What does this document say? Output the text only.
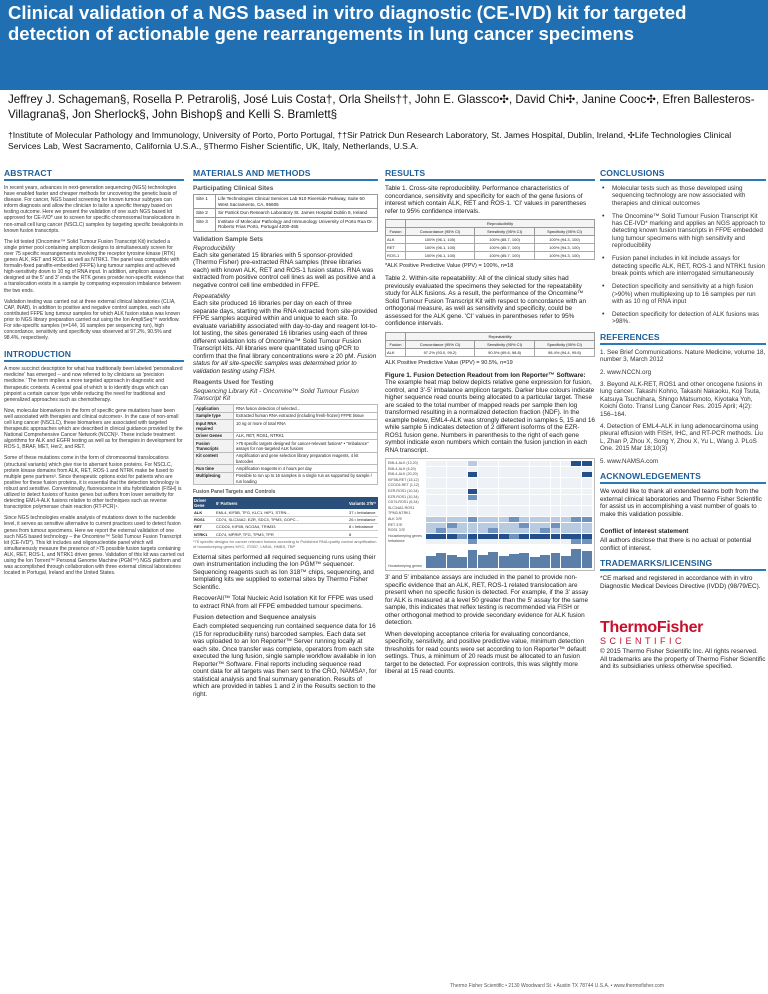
Clinical validation of a NGS based in vitro diagnostic (CE-IVD) kit for targeted detection of actionable gene rearrangements in lung cancer specimens
Jeffrey J. Schageman§, Rosella P. Petraroli§, José Luis Costa†, Orla Sheils††, John E. Glassco✣, David Chi✣, Janine Cooc✣, Efren Ballesteros-Villagrana§, Jon Sherlock§, John Bishop§ and Kelli S. Bramlett§
†Institute of Molecular Pathology and Immunology, University of Porto, Porto Portugal, ††Sir Patrick Dun Research Laboratory, St. James Hospital, Dublin, Ireland, ✣Life Technologies Clinical Services Lab, West Sacramento, California U.S.A., §Thermo Fisher Scientific, UK, Italy, Netherlands, U.S.A.
ABSTRACT

In recent years, advances in next-generation sequencing (NGS) technologies have enabled faster and cheaper methods for uncovering the genetic basis of disease. For cancer, NGS based screening for known tumour subtypes can inform diagnosis and allow the clinician to tailor a specific therapy based on testing outcome. Here we present the validation of one such NGS based kit approved for CE-IVD* use to screen for specific chromosomal translocations in non-small cell lung cancer (NSCLC) samples by targeting specific breakpoints in known fusion transcripts.

The kit tested (Oncomine™ Solid Tumour Fusion Transcript Kit) included a single primer pool containing amplicon designs to simultaneously screen for over 75 specific rearrangements involving the receptor tyrosine kinase (RTK) genes ALK, RET and ROS1 as well as NTRK1. The panel was compatible with formalin-fixed paraffin-embedded (FFPE) lung tumour samples and achieved high-sensitivity down to 10 ng of RNA input. In addition, amplicon assays designed at the 5' and 3' ends the RTK genes provide non-specific evidence that a translocation exists in a sample by comparing expression imbalance between the two ends.

Validation testing was carried out at three external clinical laboratories (CLIA, CAP, INAB). In addition to positive and negative control samples, each site contributed FFPE lung tumour samples for which ALK fusion status was known prior to NGS library preparation carried out using the Ion AmpliSeq™ workflow. For site-specific samples (n=144, 16 samples per sequencing run), high concordance, sensitivity and specificity was observed at 97.2%, 90.5% and 98.4%, respectively.

INTRODUCTION

A more succinct description for what has traditionally been labeled 'personalized medicine' has emerged -- and now referred to by clinicians as 'precision medicine.' The term implies a more targeted approach in diagnostic and therapeutic contexts. A central goal of which is to identify drugs which can pinpoint a certain cancer type while reducing the need for traditional and generalized approaches such as chemotherapy.

Now, molecular biomarkers in the form of specific gene mutations have been well associated with therapies and clinical outcomes¹. In the case of non-small cell lung cancer (NSCLC), these biomarkers are associated with targeted therapeutic approaches which are described in clinical guidance provided by the National Comprehensive Cancer Network (NCCN)². These include treatment algorithms for ALK and EGFR testing as well as for therapies in development for ROS-1, BRAF, MET, Her2, and RET.

Some of these mutations come in the form of chromosomal translocations (structural variants) which give rise to aberrant fusion proteins. For NSCLC, protein kinase domains from ALK, RET, ROS-1 and NTRK make be fused to multiple gene partners³. Since therapeutic options exist for patients who are positive for these fusion proteins, it is essential that the detection technology is robust and sensitive. Conventionally, fluorescence in situ hybridization (FISH) is utilized to detect fusions of fusion genes but suffers from lower sensitivity for detecting EML4-ALK fusions relative to other techniques such as reverse transcription polymerase chain reaction (RT-PCR)⁴.

Since NGS technologies enable analysis of mutations down to the nucleotide level, it serves as sensitive alternative to current practices used to detect fusion genes from tumour specimens. Here we report the external validation of one such NGS based technology – the Oncomine™ Solid Tumour Fusion Transcript kit (CE-IVD*). This kit includes and oligonucleotide panel which will simultaneously measure the presence of >75 possible fusion targets containing ALK, RET, ROS-1, and NTRK1 driver genes. Validation of this kit was carried out using the Ion Torrent™ Personal Genome Machine (PGM™) NGS platform and was accomplished through collaboration with three external clinical laboratories located in Portugal, Ireland and the United States.

MATERIALS AND METHODS
Participating Clinical Sites
Site 1	Life Technologies Clinical Services Lab 910 Riverside Parkway, Suite 60 West Sacramento, CA, 95605
Site 2	Sir Patrick Dun Research Laboratory St. James Hospital Dublin 8, Ireland
Site 3	Institute of Molecular Pathology and Immunology University of Porto Rua Dr. Roberto Frias Porto, Portugal 4200-465
Validation Sample Sets
Reproducibility

Each site generated 15 libraries with 5 sponsor-provided (Thermo Fisher) pre-extracted RNA samples (three libraries each) with known ALK, RET and ROS-1 fusion status. RNA was extracted from positive control cell lines as well as positive and a negative control cell line embedded in FFPE.

Repeatability

Each site produced 16 libraries per day on each of three separate days, starting with the RNA extracted from site-provided FFPE samples acquired within and unique to each site. To evaluate variability associated with day-to-day and reagent lot-to-lot testing, the sites generated 16 libraries using each of three different validation lots of Oncomine™ Solid Tumour Fusion Transcript kits. All libraries were quantitated using qPCR to confirm that the final library concentrations were ≥ 20 pM. Fusion status for all site-specific samples was determined prior to validation testing using FISH.

Reagents Used for Testing
Sequencing Library Kit - Oncomine™ Solid Tumour Fusion Transcript Kit
Application	RNA fusion detection of selected...
Sample type	Extracted human RNA extracted (including fresh-frozen) FFPE tissue
Input RNA required	10 ng or more of total RNA
Driver Genes	ALK, RET, ROS1, NTRK1
Fusion Transcripts	>75 specific targets designed for cancer-relevant fusions* • ''Imbalance'' assays for non-targeted ALK fusions
Kit content	Amplification and gene selection library preparation reagents, 4 kit barcodes
Run time	Amplification reagents in 4 hours per day
Multiplexing	Possible to run up to 16 samples in a single run as supported by sample / run loading
Fusion Panel Targets and Controls
Driver Gene	5' Partners	Variants 3'/5'*
ALK	EML4, KIF5B, TFG, KLC1, HIP1, STRN...	37 • Imbalance
ROS1	CD74, SLC34A2, EZR, SDC4, TPM3, GOPC...	26 • Imbalance
RET	CCDC6, KIF5B, NCOA4, TRIM33	8 • Imbalance
NTRK1	CD74, MPRIP, TFG, TPM3, TPR	8

*75 specific designs for cancer relevant fusions according to Published RNA quality control amplification of housekeeping genes MYC, ITGB7, LMNA, HMBS, TBP

External sites performed all required sequencing runs using their own instrumentation including the Ion PGM™ sequencer. Sequencing reagents such as Ion 318™ chips, sequencing, and templating kits we supplied to external sites by Thermo Fisher Scientific.

RecoverAll™ Total Nucleic Acid Isolation Kit for FFPE was used to extract RNA from all FFPE embedded tumour specimens.

Fusion detection and Sequence analysis

Each completed sequencing run contained sequence data for 16 (15 for reproducibility runs) barcoded samples. Each data set was uploaded to an Ion Reporter™ Server running locally at each site. Once transfer was complete, operators from each site executed the lung fusion, single sample workflow available in Ion Reporter™ Software. Final reports including sequence read count data for all targets was then sent to the CRO, NAMSA⁵, for statistical analysis and final summary generation. Results of which are provided in tables 1 and 2 in the Results section to the right.

RESULTS

Table 1. Cross-site reproducibility. Performance characteristics of concordance, sensitivity and specificity for each of the gene fusions of interest which contain ALK, RET and ROS-1. 'CI' values in parentheses refer to 95% confidence intervals.

	Reproducibility		
Fusion	Concordance (95% CI)	Sensitivity (95% CI)	Specificity (95% CI)
ALK	100% (96.1, 100)	100% (85.7, 100)	100% (94.3, 100)
RET	100% (96.1, 100)	100% (85.7, 100)	100% (94.3, 100)
ROS-1	100% (96.1, 100)	100% (85.7, 100)	100% (94.3, 100)

*ALK Positive Predictive Value (PPV) = 100%, n=18

Table 2. Within-site repeatability: All of the clinical study sites had previously evaluated the specimens they selected for the repeatability study for ALK fusions. As a result, the performance of the Oncomine™ Solid Tumour Fusion Transcript Kit with respect to concordance with an orthogonal measure, as well as sensitivity and specificity, could be assessed for the ALK gene. 'CI' values in parentheses refer to 95% confidence intervals.

	Repeatability		
Fusion	Concordance (95% CI)	Sensitivity (95% CI)	Specificity (95% CI)
ALK	97.2% (93.0, 99.2)	90.5% (69.6, 98.8)	98.4% (94.4, 99.8)

ALK Positive Predictive Value (PPV) = 90.5%, n=19

Figure 1. Fusion Detection Readout from Ion Reporter™ Software: The example heat map below depicts relative gene expression for fusion, control, and 3'-5' imbalance amplicon targets. Darker blue colours indicate higher sequence read counts being allocated to a particular target. These are scaled to the total number of mapped reads per sample then log transformed resulting in a normalized detection fraction (NDF). In the example below, EML4-ALK was strongly detected in samples 5, 15 and 16 while sample 5 indicates detection of 2 different isoforms of the EZR-ROS1 fusion gene. Numbers in parenthesis to the right of each gene symbol indicate exon numbers which contain the fusion junction in each RNA transcript.

EML4-ALK (13,20)
EML4-ALK (6,20)
EML4-ALK (20,20)
KIF5B-RET (15,12)
CCDC6-RET (1,12)
EZR-ROS1 (10,34)
EZR-ROS1 (10,34)
CD74-ROS1 (6,34)
SLC34A2-ROS1
TPM3-NTRK1
ALK 3'/5'
RET 3'/5'
ROS1 3'/5'
Housekeeping genes
Imbalance
Housekeeping genes

3' and 5' imbalance assays are included in the panel to provide non-specific evidence that an ALK, RET, ROS-1 related translocation are present when no specific fusion is detected. For example, if the 3' assay for ALK is measured at a level 50 greater than the 5' assay for the same sample, this indicates that reflex testing is recommended via FISH or other orthogonal method to provide secondary evidence for ALK fusion detection.

When developing acceptance criteria for evaluating concordance, specificity, sensitivity, and positive predictive value, minimum detection thresholds for read counts were set according to Ion Reporter™ default settings. Thus, a minimum of 20 reads must be allocated to an fusion target to be detected. For expression controls, this was slightly more liberal at 15 read counts.

CONCLUSIONS
• Molecular tests such as those developed using sequencing technology are now associated with therapies and clinical outcomes
• The Oncomine™ Solid Tumour Fusion Transcript Kit has CE-IVD* marking and applies an NGS approach to detecting known fusion transcripts in FFPE embedded lung tumour specimens with high sensitivity and reproducibility
• Fusion panel includes in kit include assays for detecting specific ALK, RET, ROS-1 and NTRK1 fusion break points which are interrogated simultaneously
• Detection specificity and sensitivity at a high fusion (>90%) when multiplexing up to 16 samples per run with as 10 ng of RNA input
• Detection specificity for detection of ALK fusions was >98%.
REFERENCES
1. See Brief Communications. Nature Medicine, volume 18, number 3, March 2012
2. www.NCCN.org
3. Beyond ALK-RET, ROS1 and other oncogene fusions in lung cancer. Takashi Kohno, Takashi Nakaoku, Koji Tsuta, Katsuya Tsuchihara, Shingo Matsumoto, Kiyotaka Yoh, Koichi Goto. Transl Lung Cancer Res. 2015 April; 4(2): 156–164.
4. Detection of EML4-ALK in lung adenocarcinoma using pleural effusion with FISH, IHC, and RT-PCR methods. Liu L, Zhan P, Zhou X, Song Y, Zhou X, Yu L, Wang J. PLoS One. 2015 Mar 18;10(3)
5. www.NAMSA.com
ACKNOWLEDGEMENTS

We would like to thank all extended teams both from the external clinical laboratories and Thermo Fisher Scientific for assist us in accomplishing a vast number of goals to make this validation possible.

Conflict of interest statement

All authors disclose that there is no actual or potential conflict of interest.

TRADEMARKS/LICENSING

*CE marked and registered in accordance with in vitro Diagnostic Medical Devices Directive (IVDD) (98/79/EC).

ThermoFisher
SCIENTIFIC

© 2015 Thermo Fisher Scientific Inc. All rights reserved. All trademarks are the property of Thermo Fisher Scientific and its subsidiaries unless otherwise specified.

Thermo Fisher Scientific • 2130 Woodward St. • Austin TX 78744 U.S.A. • www.thermofisher.com
